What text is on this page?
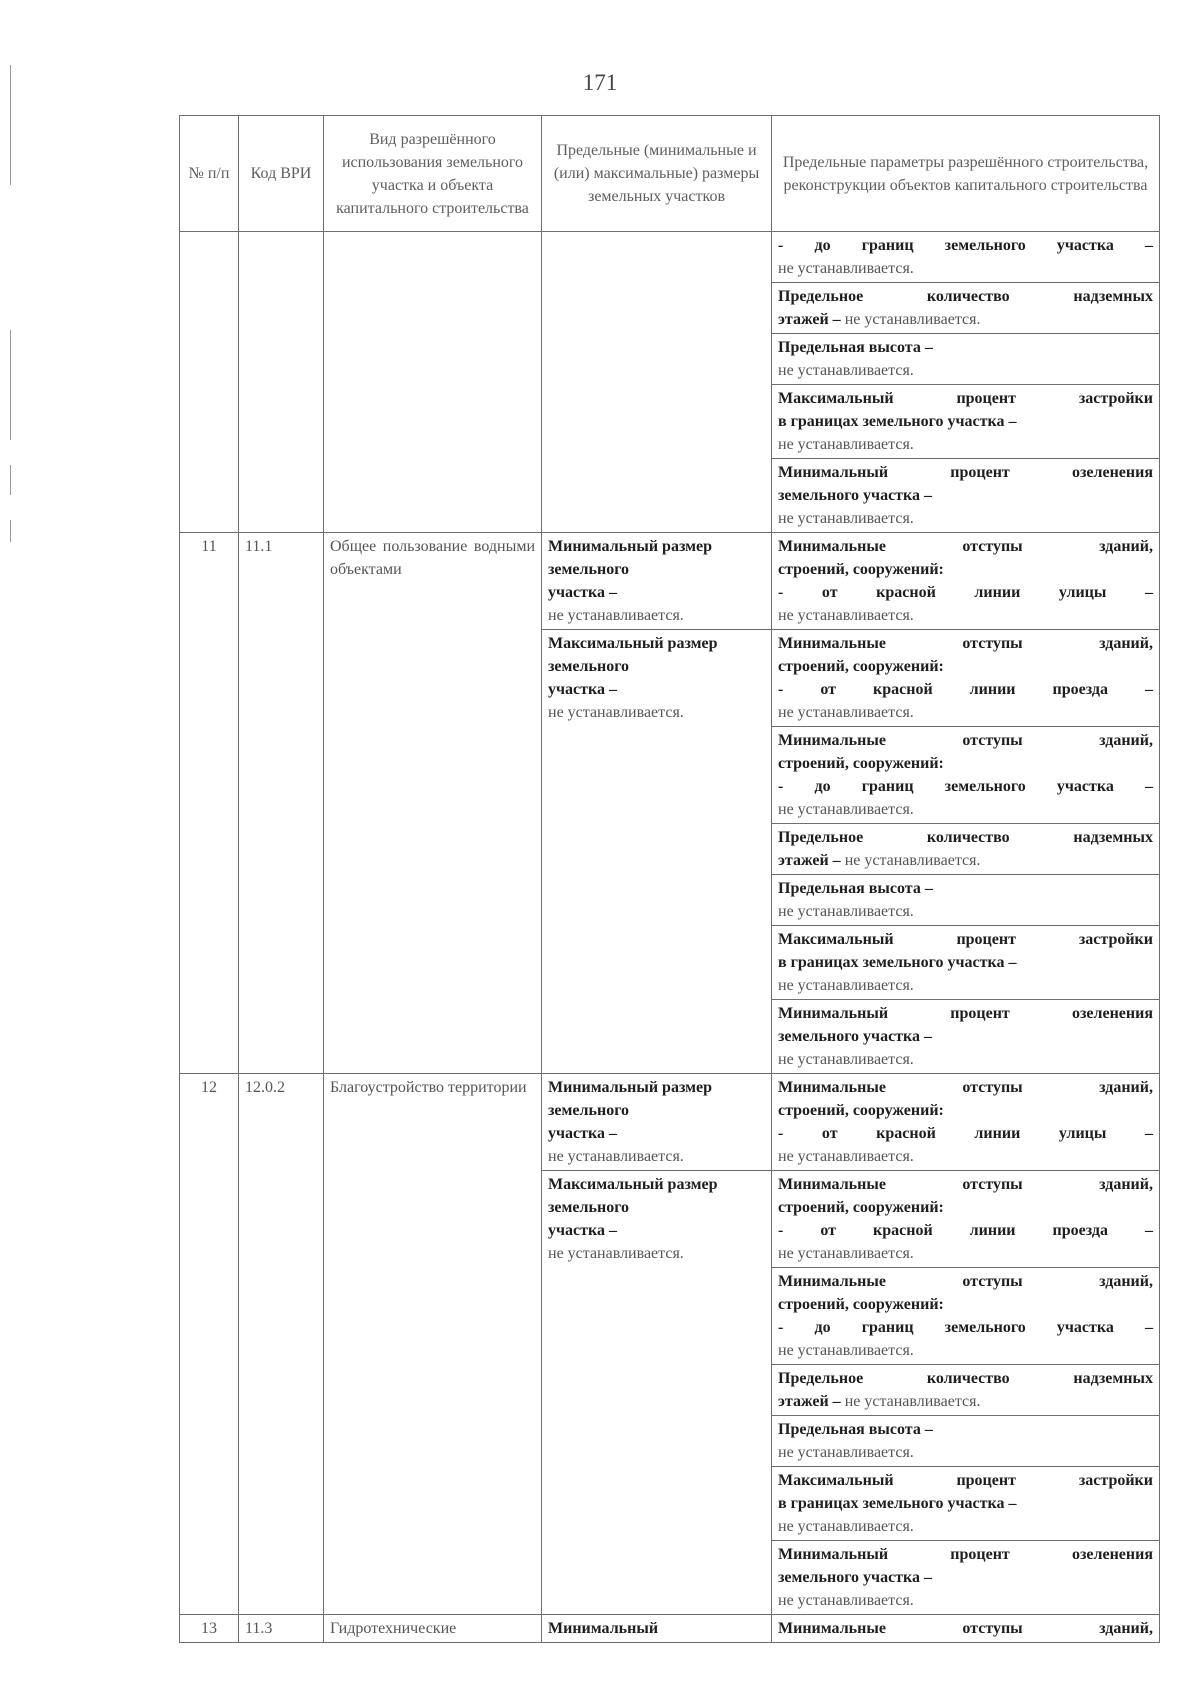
171
№ п/п	Код ВРИ	Вид разрешённого использования земельного участка и объекта капитального строительства	Предельные (минимальные и (или) максимальные) размеры земельных участков	Предельные параметры разрешённого строительства, реконструкции объектов капитального строительства

				- до границ земельного участка –
не устанавливается.

				Предельное количество надземных
этажей – не устанавливается.

				Предельная высота –
не устанавливается.

				Максимальный процент застройки
в границах земельного участка –
не устанавливается.

				Минимальный процент озеленения
земельного участка –
не устанавливается.

11	11.1	Общее пользование водными объектами	Минимальный размер земельного
участка –
не устанавливается.	Минимальные отступы зданий,
строений, сооружений:
- от красной линии улицы –
не устанавливается.

			Максимальный размер земельного
участка –
не устанавливается.	Минимальные отступы зданий,
строений, сооружений:
- от красной линии проезда –
не устанавливается.

				Минимальные отступы зданий,
строений, сооружений:
- до границ земельного участка –
не устанавливается.

				Предельное количество надземных
этажей – не устанавливается.

				Предельная высота –
не устанавливается.

				Максимальный процент застройки
в границах земельного участка –
не устанавливается.

				Минимальный процент озеленения
земельного участка –
не устанавливается.

12	12.0.2	Благоустройство территории	Минимальный размер земельного
участка –
не устанавливается.	Минимальные отступы зданий,
строений, сооружений:
- от красной линии улицы –
не устанавливается.

			Максимальный размер земельного
участка –
не устанавливается.	Минимальные отступы зданий,
строений, сооружений:
- от красной линии проезда –
не устанавливается.

				Минимальные отступы зданий,
строений, сооружений:
- до границ земельного участка –
не устанавливается.

				Предельное количество надземных
этажей – не устанавливается.

				Предельная высота –
не устанавливается.

				Максимальный процент застройки
в границах земельного участка –
не устанавливается.

				Минимальный процент озеленения
земельного участка –
не устанавливается.

13	11.3	Гидротехнические	Минимальный	Минимальные отступы зданий,
